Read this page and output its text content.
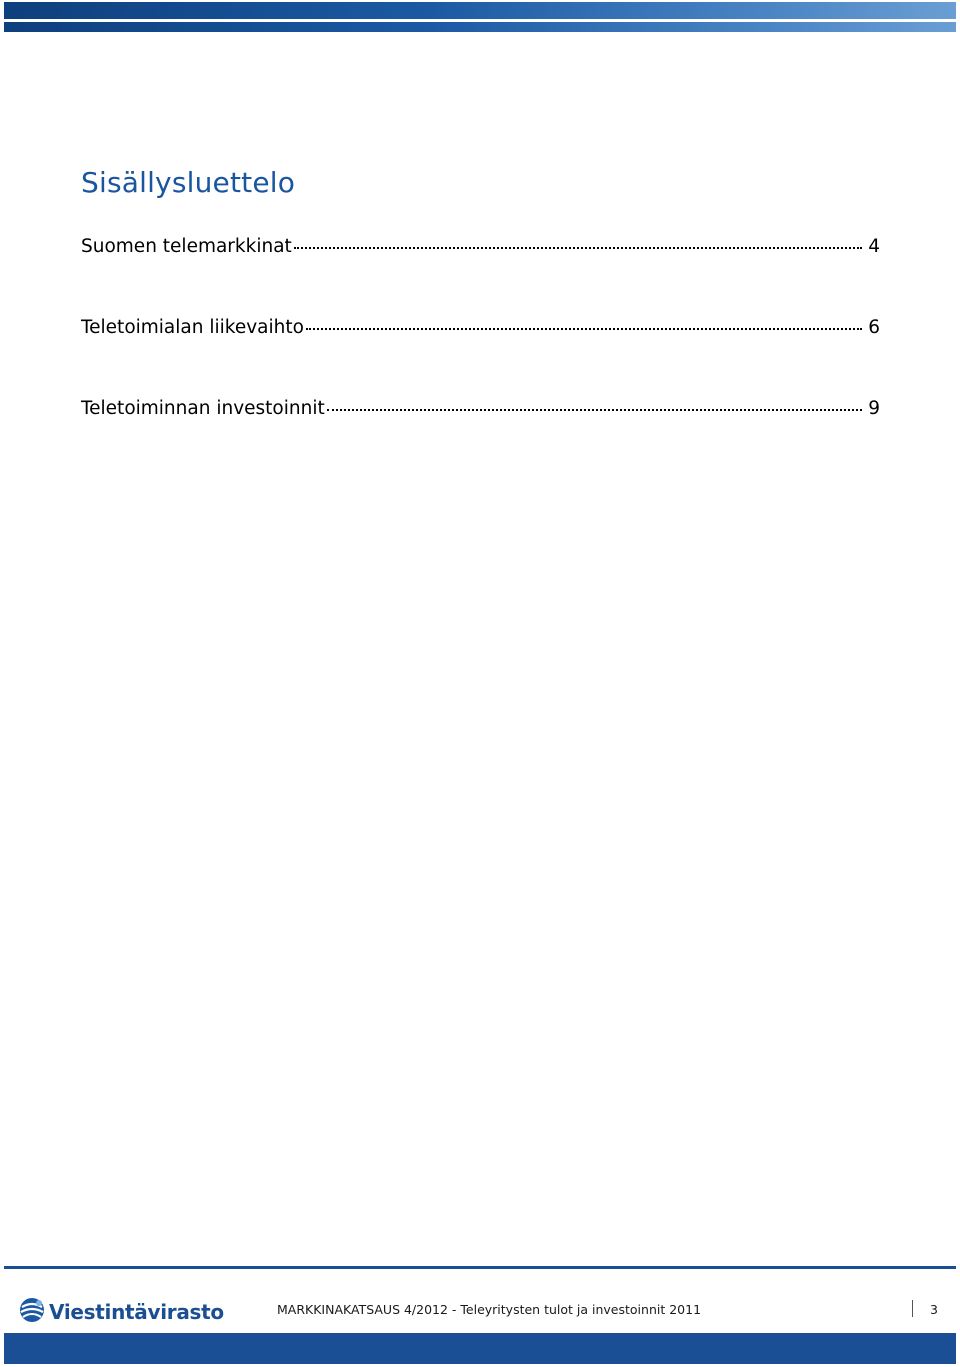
Sisällysluettelo
Suomen telemarkkinat	4
Teletoimialan liikevaihto	6
Teletoiminnan investoinnit	9
Viestintävirasto	MARKKINAKATSAUS 4/2012 - Teleyritysten tulot ja investoinnit 2011	3
